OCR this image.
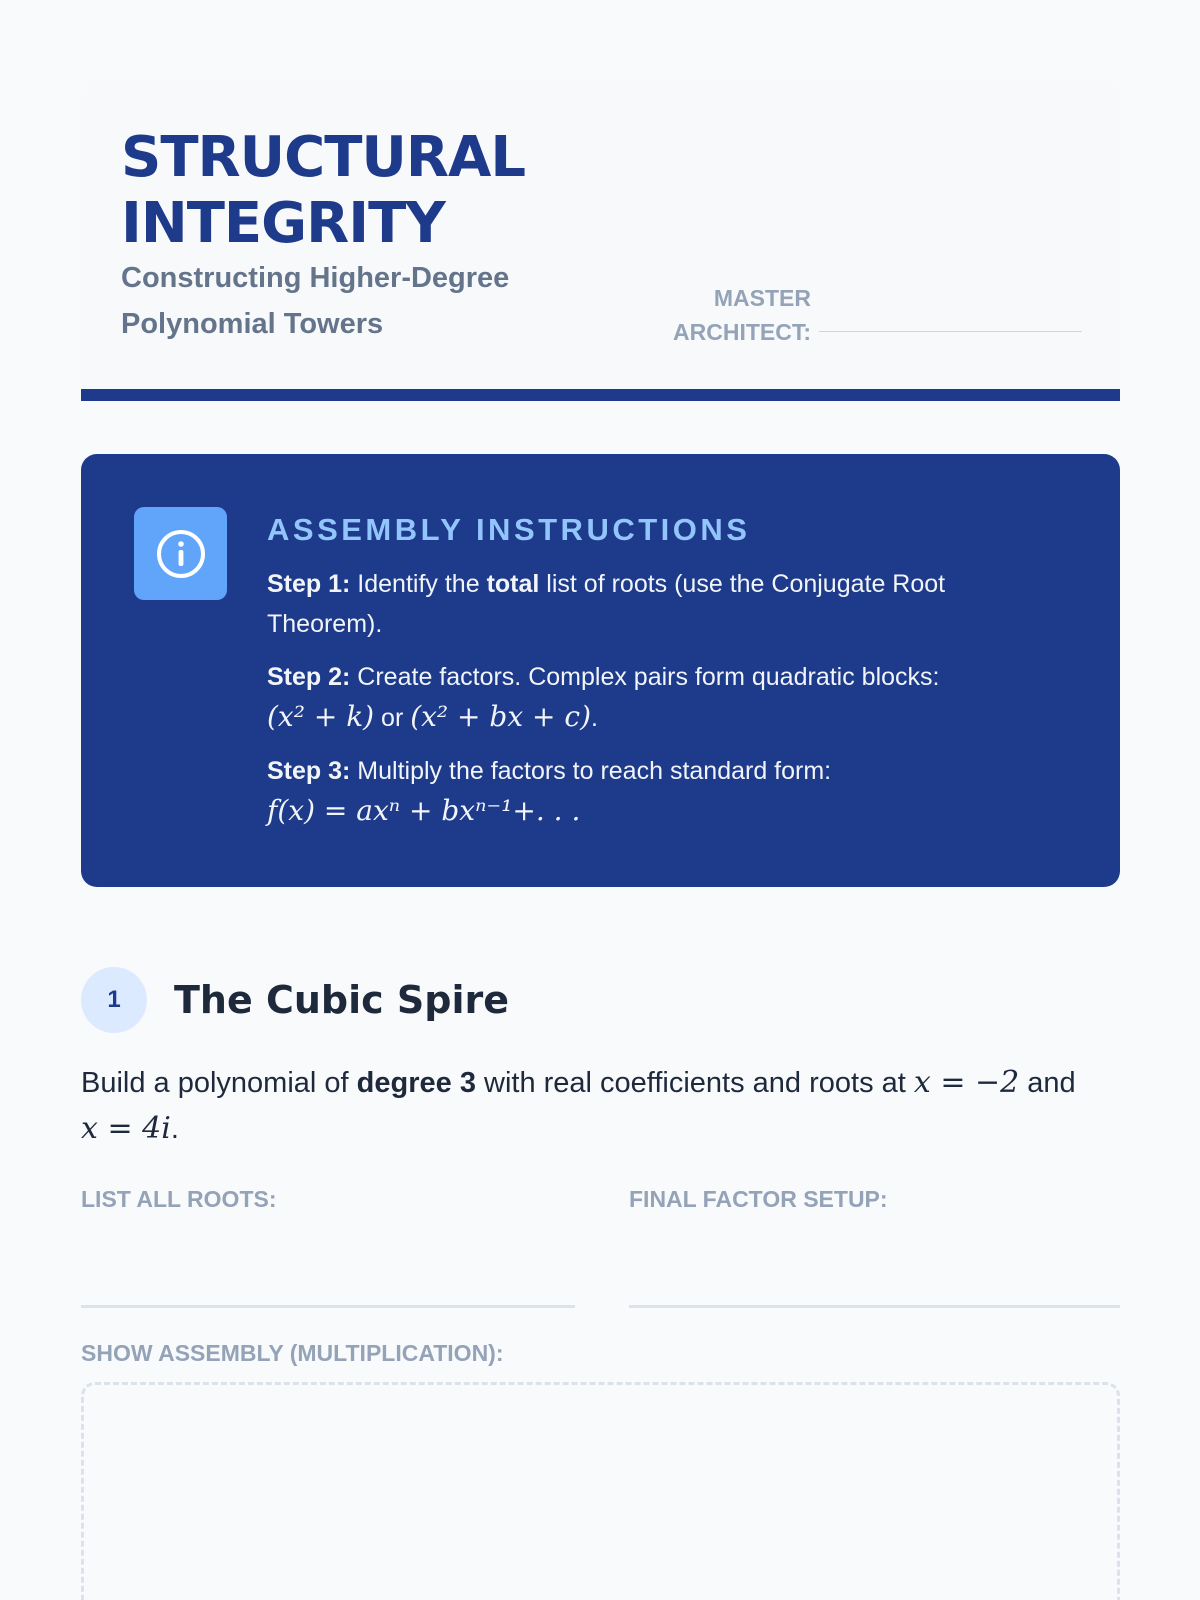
STRUCTURAL
INTEGRITY
Constructing Higher-Degree
Polynomial Towers
MASTER
ARCHITECT:
ASSEMBLY INSTRUCTIONS
Step 1: Identify the total list of roots (use the Conjugate Root Theorem).
Step 2: Create factors. Complex pairs form quadratic blocks:
(x² + k) or (x² + bx + c).
Step 3: Multiply the factors to reach standard form:
f(x) = axⁿ + bxⁿ⁻¹+. . .
1	The Cubic Spire
Build a polynomial of degree 3 with real coefficients and roots at x = −2 and
x = 4i.
LIST ALL ROOTS:	FINAL FACTOR SETUP:
SHOW ASSEMBLY (MULTIPLICATION):
